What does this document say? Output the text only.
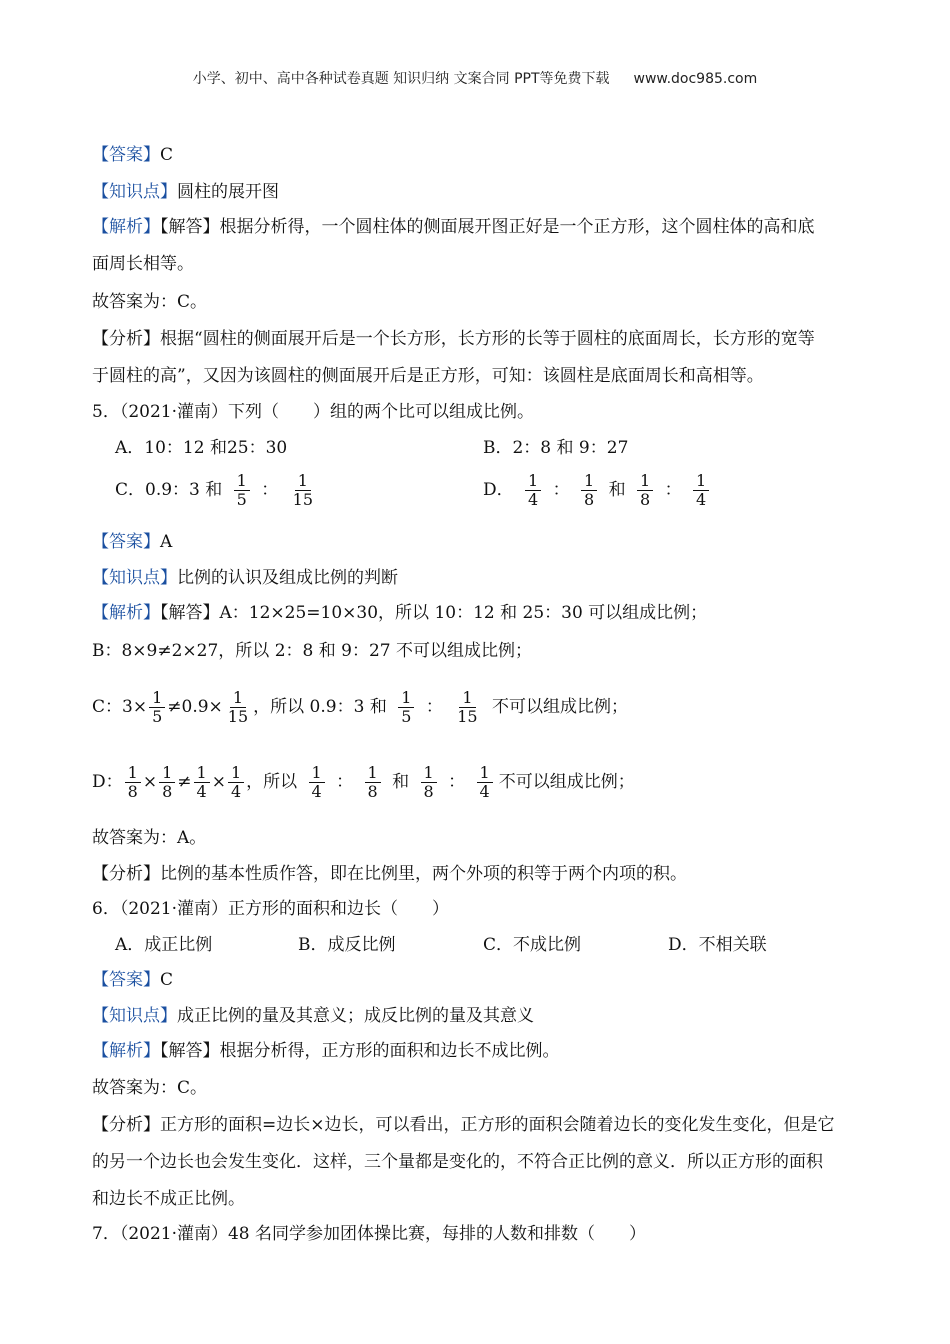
小学、初中、高中各种试卷真题 知识归纳 文案合同 PPT等免费下载 www.doc985.com
【答案】C
【知识点】圆柱的展开图
【解析】【解答】根据分析得，一个圆柱体的侧面展开图正好是一个正方形，这个圆柱体的高和底
面周长相等。
故答案为：C。
【分析】根据“圆柱的侧面展开后是一个长方形，长方形的长等于圆柱的底面周长，长方形的宽等
于圆柱的高”，又因为该圆柱的侧面展开后是正方形，可知：该圆柱是底面周长和高相等。
5．（2021·灌南）下列（　　）组的两个比可以组成比例。
A．10：12 和25：30	B．2：8 和 9：27
C．0.9：3 和 $\frac{1}{5}$ ： $\frac{1}{15}$	D． $\frac{1}{4}$ ： $\frac{1}{8}$ 和 $\frac{1}{8}$ ： $\frac{1}{4}$
【答案】A
【知识点】比例的认识及组成比例的判断
【解析】【解答】A：12×25=10×30，所以 10：12 和 25：30 可以组成比例；
B：8×9≠2×27，所以 2：8 和 9：27 不可以组成比例；
C：$3\times \frac{1}{5} \ne 0.9\times \frac{1}{15}$ ，所以 0.9：3 和 $\frac{1}{5}$ ： $\frac{1}{15}$ 不可以组成比例；
D： $\frac{1}{8} \times \frac{1}{8} \ne \frac{1}{4} \times \frac{1}{4}$ ，所以 $\frac{1}{4}$ ： $\frac{1}{8}$ 和 $\frac{1}{8}$ ： $\frac{1}{4}$ 不可以组成比例；
故答案为：A。
【分析】比例的基本性质作答，即在比例里，两个外项的积等于两个内项的积。
6．（2021·灌南）正方形的面积和边长（　　）
A．成正比例	B．成反比例	C．不成比例	D．不相关联
【答案】C
【知识点】成正比例的量及其意义；成反比例的量及其意义
【解析】【解答】根据分析得，正方形的面积和边长不成比例。
故答案为：C。
【分析】正方形的面积=边长×边长，可以看出，正方形的面积会随着边长的变化发生变化，但是它
的另一个边长也会发生变化．这样，三个量都是变化的，不符合正比例的意义．所以正方形的面积
和边长不成正比例。
7．（2021·灌南）48 名同学参加团体操比赛，每排的人数和排数（　　）
